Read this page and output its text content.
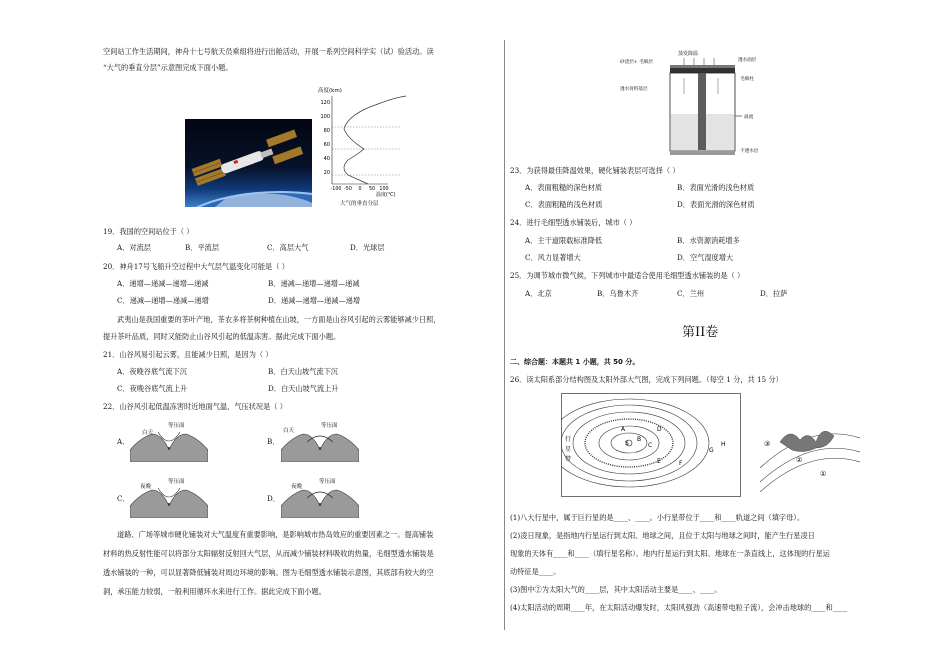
空间站工作生活期间，神舟十七号航天员乘组将进行出舱活动，开展一系列空间科学实（试）验活动。读
“大气的垂直分层”示意图完成下面小题。
高度(km)
120
100
80
60
40
20
-100 -50 0 50 100
温度(℃)
大气的垂直分层
19．我国的空间站位于（ ）
A．对流层	B．平流层	C．高层大气	D．光球层
20．神舟17号飞船升空过程中大气层气温变化可能是（ ）
A．递增—递减—递增—递减	B．递减—递增—递增—递减
C．递减—递增—递减—递增	D．递减—递增—递减—递增
武夷山是我国重要的茶叶产地，茶农多将茶树种植在山坡，一方面是山谷风引起的云雾能够减少日照，
提升茶叶品质，同时又能防止山谷风引起的低温冻害。据此完成下面小题。
21．山谷风易引起云雾，且能减少日照，是因为（ ）
A．夜晚谷底气流下沉	B．白天山坡气流下沉
C．夜晚谷底气流上升	D．白天山坡气流上升
22．山谷风引起低温冻害时近地面气温、气压状况是（ ）
A．
白天
等压面
B．
白天
等压面
C．
夜晚
等压面
D．
夜晚
等压面
道路、广场等城市硬化铺装对大气温度有重要影响，是影响城市热岛效应的重要因素之一。提高铺装
材料的热反射性能可以将部分太阳辐射反射回大气层，从而减少铺装材料吸收的热量，毛细型透水铺装是
透水铺装的一种，可以显著降低铺装对周边环境的影响。图为毛细型透水铺装示意图，其底部有较大的空
洞，承压能力较弱，一般利用循环水来进行工作。据此完成下面小题。
蒸发降温
砂浇层+ 毛细层	透水面层
毛细柱
透水骨料基层
溢流
不透水层
23．为获得最佳降温效果，硬化铺装表层可选择（ ）
A．表面粗糙的深色材质	B．表面光滑的浅色材质
C．表面粗糙的浅色材质	D．表面光滑的深色材质
24．进行毛细型透水铺装后，城市（ ）
A．主干道限载标准降低	B．水资源消耗增多
C．风力显著增大	D．空气湿度增大
25．为调节城市微气候，下列城市中最适合使用毛细型透水铺装的是（ ）
A．北京	B．乌鲁木齐	C．兰州	D．拉萨
第II卷
二、综合题：本题共 1 小题，共 50 分。
26．读太阳系部分结构图及太阳外部大气图，完成下列问题。（每空 1 分，共 15 分）
S
B
C
D
E	F
G
H
A
行
星
带
③
②
①
(1)八大行星中，属于巨行星的是____、____。小行星带位于____和____轨道之间（填字母）。
(2)凌日现象，是指地内行星运行到太阳、地球之间，且位于太阳与地球之间时，能产生行星凌日
现象的天体有____和____（填行星名称）。地内行星运行到太阳、地球在一条直线上，这体现的行星运
动特征是____。
(3)图中②为太阳大气的____层，其中太阳活动主要是____、____。
(4)太阳活动的周期____年，在太阳活动爆发时，太阳风强劲（高速带电粒子流），会冲击地球的____和____
